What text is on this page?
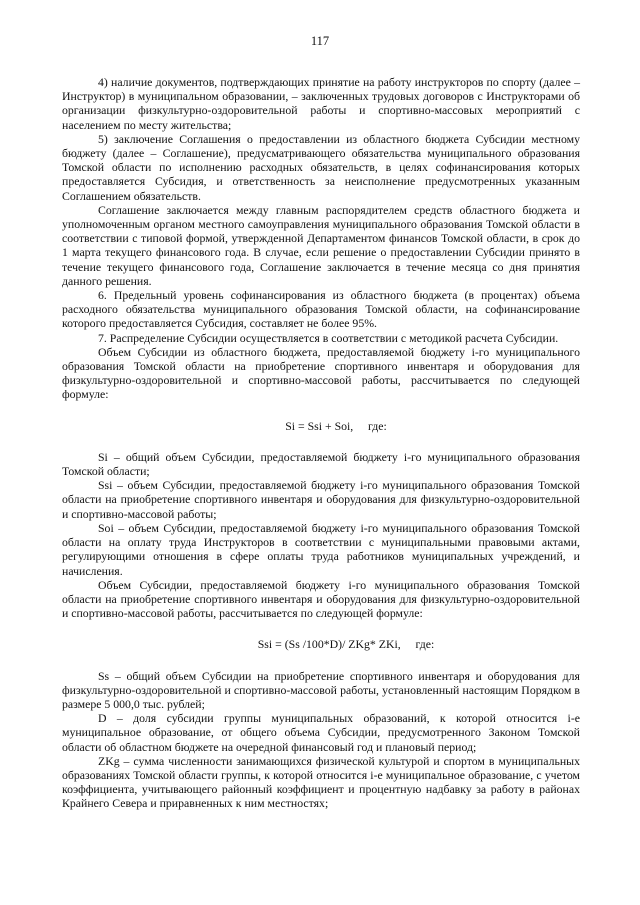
117

4) наличие документов, подтверждающих принятие на работу инструкторов по спорту (далее – Инструктор) в муниципальном образовании, – заключенных трудовых договоров с Инструкторами об организации физкультурно-оздоровительной работы и спортивно-массовых мероприятий с населением по месту жительства;

5) заключение Соглашения о предоставлении из областного бюджета Субсидии местному бюджету (далее – Соглашение), предусматривающего обязательства муниципального образования Томской области по исполнению расходных обязательств, в целях софинансирования которых предоставляется Субсидия, и ответственность за неисполнение предусмотренных указанным Соглашением обязательств.

Соглашение заключается между главным распорядителем средств областного бюджета и уполномоченным органом местного самоуправления муниципального образования Томской области в соответствии с типовой формой, утвержденной Департаментом финансов Томской области, в срок до 1 марта текущего финансового года. В случае, если решение о предоставлении Субсидии принято в течение текущего финансового года, Соглашение заключается в течение месяца со дня принятия данного решения.

6. Предельный уровень софинансирования из областного бюджета (в процентах) объема расходного обязательства муниципального образования Томской области, на софинансирование которого предоставляется Субсидия, составляет не более 95%.

7. Распределение Субсидии осуществляется в соответствии с методикой расчета Субсидии.

Объем Субсидии из областного бюджета, предоставляемой бюджету i-го муниципального образования Томской области на приобретение спортивного инвентаря и оборудования для физкультурно-оздоровительной и спортивно-массовой работы, рассчитывается по следующей формуле:

Si = Ssi + Soi,     где:

Si – общий объем Субсидии, предоставляемой бюджету i-го муниципального образования Томской области;

Ssi – объем Субсидии, предоставляемой бюджету i-го муниципального образования Томской области на приобретение спортивного инвентаря и оборудования для физкультурно-оздоровительной и спортивно-массовой работы;

Soi – объем Субсидии, предоставляемой бюджету i-го муниципального образования Томской области на оплату труда Инструкторов в соответствии с муниципальными правовыми актами, регулирующими отношения в сфере оплаты труда работников муниципальных учреждений, и начисления.

Объем Субсидии, предоставляемой бюджету i-го муниципального образования Томской области на приобретение спортивного инвентаря и оборудования для физкультурно-оздоровительной и спортивно-массовой работы, рассчитывается по следующей формуле:

Ssi = (Ss /100*D)/ ZKg* ZKi,     где:

Ss – общий объем Субсидии на приобретение спортивного инвентаря и оборудования для физкультурно-оздоровительной и спортивно-массовой работы, установленный настоящим Порядком в размере 5 000,0 тыс. рублей;

D – доля субсидии группы муниципальных образований, к которой относится i-е муниципальное образование, от общего объема Субсидии, предусмотренного Законом Томской области об областном бюджете на очередной финансовый год и плановый период;

ZKg – сумма численности занимающихся физической культурой и спортом в муниципальных образованиях Томской области группы, к которой относится i-е муниципальное образование, с учетом коэффициента, учитывающего районный коэффициент и процентную надбавку за работу в районах Крайнего Севера и приравненных к ним местностях;
